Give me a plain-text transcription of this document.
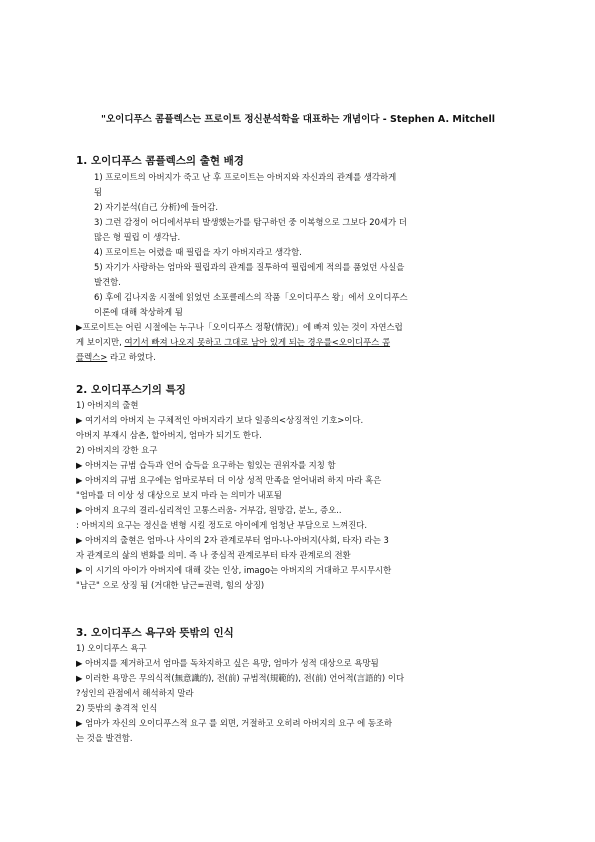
"오이디푸스 콤플렉스는 프로이트 정신분석학을 대표하는 개념이다 - Stephen A. Mitchell
1. 오이디푸스 콤플렉스의 출현 배경
1) 프로이트의 아버지가 죽고 난 후 프로이트는 아버지와 자신과의 관계를 생각하게
됨
2) 자기분석(自己 分析)에 들어감.
3) 그런 감정이 어디에서부터 발생했는가를 탐구하던 중 이복형으로 그보다 20세가 더
많은 형 필립 이 생각남.
4) 프로이트는 어렸을 때 필립을 자기 아버지라고 생각함.
5) 자기가 사랑하는 엄마와 필립과의 관계를 질투하여 필립에게 적의를 품었던 사실을
발견함.
6) 후에 김나지움 시절에 읽었던 소포클레스의 작품「오이디푸스 왕」에서 오이디푸스
이론에 대해 착상하게 됨
▶프로이트는 어린 시절에는 누구나「오이디푸스 정황(情況)」에 빠져 있는 것이 자연스럽
게 보이지만, 여기서 빠져 나오지 못하고 그대로 남아 있게 되는 경우를<오이디푸스 콤
플렉스> 라고 하였다.
2. 오이디푸스기의 특징
1) 아버지의 출현
▶ 여기서의 아버지 는 구체적인 아버지라기 보다 일종의<상징적인 기호>이다.
아버지 부재시 삼촌, 할아버지, 엄마가 되기도 한다.
2) 아버지의 강한 요구
▶ 아버지는 규범 습득과 언어 습득을 요구하는 힘있는 권위자를 지칭 함
▶ 아버지의 규범 요구에는 엄마로부터 더 이상 성적 만족을 얻어내려 하지 마라 혹은
"엄마를 더 이상 성 대상으로 보지 마라 는 의미가 내포됨
▶ 아버지 요구의 결리-심리적인 고통스러움- 거부감, 원망감, 분노, 증오..
: 아버지의 요구는 정신을 변형 시킬 정도로 아이에게 엄청난 부담으로 느껴진다.
▶ 아버지의 출현은 엄마-나 사이의 2자 관계로부터 엄마-나-아버지(사회, 타자) 라는 3
자 관계로의 삶의 변화를 의미. 즉 나 중심적 관계로부터 타자 관계로의 전환
▶ 이 시기의 아이가 아버지에 대해 갖는 인상, imago는 아버지의 거대하고 무시무시한
"남근" 으로 상징 됨 (거대한 남근=권력, 힘의 상징)
3. 오이디푸스 욕구와 뜻밖의 인식
1) 오이디푸스 욕구
▶ 아버지를 제거하고서 엄마를 독차지하고 싶은 욕망, 엄마가 성적 대상으로 욕망됨
▶ 이러한 욕망은 무의식적(無意識的), 전(前) 규범적(規範的), 전(前) 언어적(言語的) 이다
?성인의 관점에서 해석하지 말라
2) 뜻밖의 충격적 인식
▶ 엄마가 자신의 오이디푸스적 요구 를 외면, 거절하고 오히려 아버지의 요구 에 동조하
는 것을 발견함.
